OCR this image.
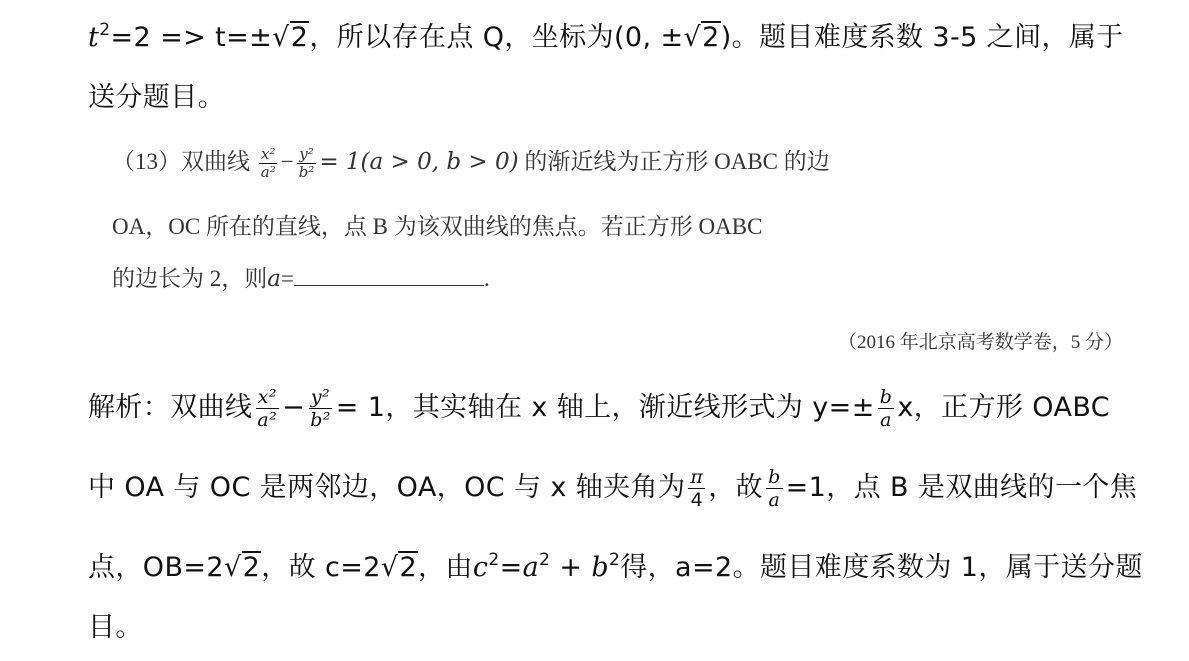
$t^2=2 => t=\pm√2$，所以存在点 Q，坐标为(0, ±√2)。题目难度系数 3-5 之间，属于
送分题目。
（13）双曲线 $\frac{\text{x²}}{\text{a²}} - \frac{\text{y²}}{\text{b²}} = 1(a > 0$, b > 0) 的渐近线为正方形 OABC 的边
OA，OC 所在的直线，点 B 为该双曲线的焦点。若正方形 OABC
的边长为 2，则a=	.
（2016 年北京高考数学卷，5 分）
解析：双曲线 $\frac{\text{x²}}{\text{a²}} - \frac{\text{y²}}{\text{b²}} = 1$，其实轴在 x 轴上，渐近线形式为 $y=\pm \frac{b}{a}$ x，正方形 OABC
中 OA 与 OC 是两邻边，OA，OC 与 x 轴夹角为 $\frac{\pi}{4}$ ，故 $\frac{b}{a} =1$，点 B 是双曲线的一个焦
点，OB=2√2，故 c=2√2，由$c^2=a^2 + b^2$得，a=2。题目难度系数为 1，属于送分题
目。
